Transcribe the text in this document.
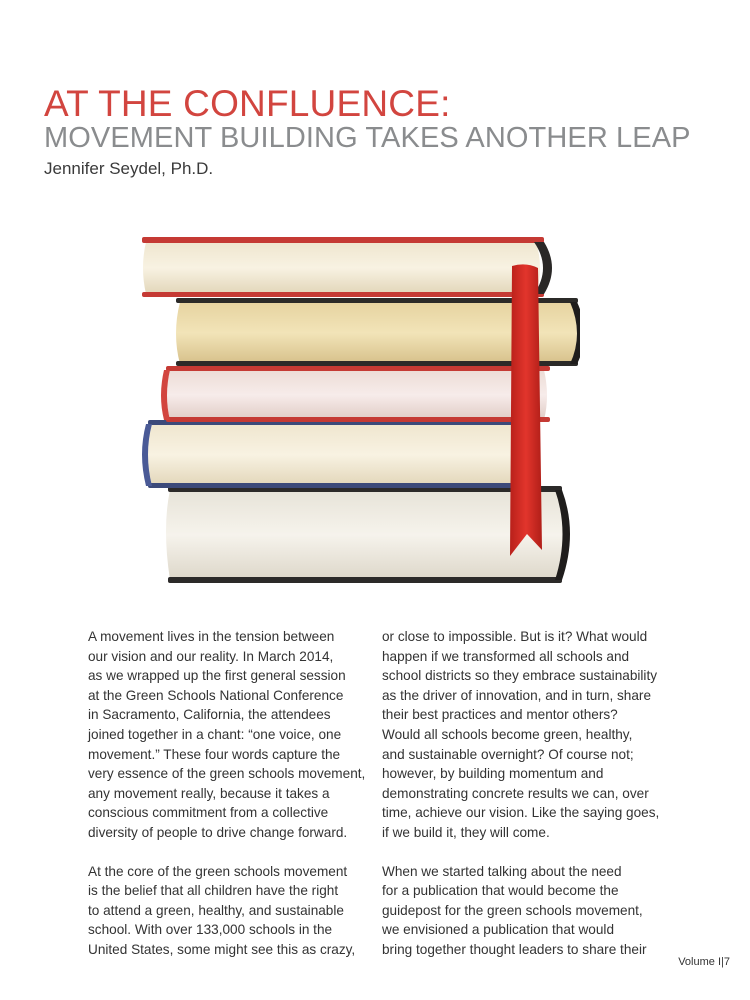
AT THE CONFLUENCE:
MOVEMENT BUILDING TAKES ANOTHER LEAP
Jennifer Seydel, Ph.D.

A movement lives in the tension between
our vision and our reality. In March 2014,
as we wrapped up the first general session
at the Green Schools National Conference
in Sacramento, California, the attendees
joined together in a chant: “one voice, one
movement.” These four words capture the
very essence of the green schools movement,
any movement really, because it takes a
conscious commitment from a collective
diversity of people to drive change forward.

At the core of the green schools movement
is the belief that all children have the right
to attend a green, healthy, and sustainable
school. With over 133,000 schools in the
United States, some might see this as crazy,

or close to impossible. But is it? What would
happen if we transformed all schools and
school districts so they embrace sustainability
as the driver of innovation, and in turn, share
their best practices and mentor others?
Would all schools become green, healthy,
and sustainable overnight? Of course not;
however, by building momentum and
demonstrating concrete results we can, over
time, achieve our vision. Like the saying goes,
if we build it, they will come.

When we started talking about the need
for a publication that would become the
guidepost for the green schools movement,
we envisioned a publication that would
bring together thought leaders to share their

Volume I|7
